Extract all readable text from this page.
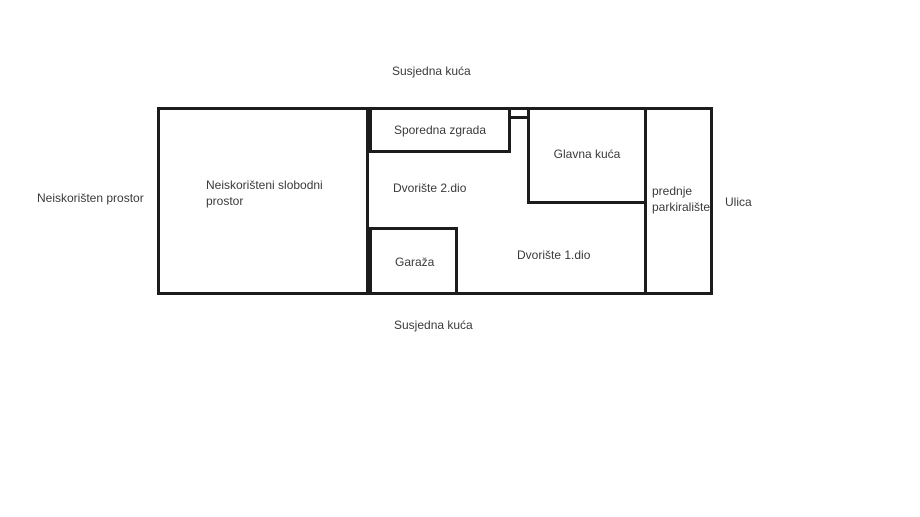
Susjedna kuća
Susjedna kuća
Neiskorišten prostor	Ulica
Neiskorišteni slobodni prostor
Sporedna zgrada
Dvorište 2.dio
Garaža	Dvorište 1.dio
Glavna kuća
prednje parkiralište
